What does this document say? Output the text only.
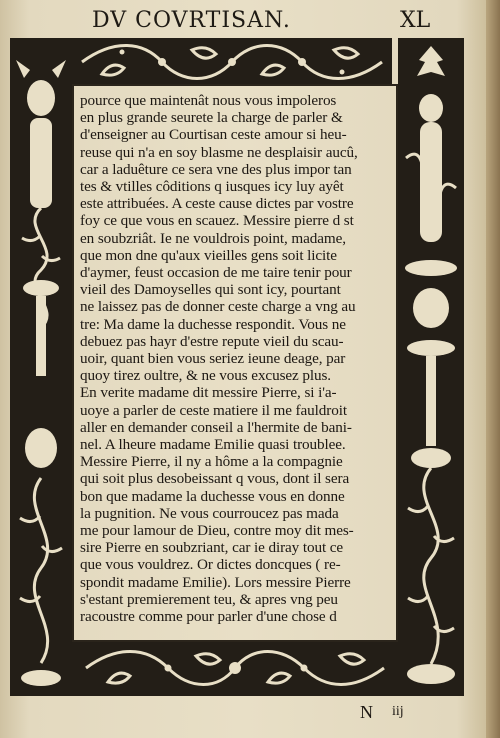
DV COVRTISAN.	XL
pource que maintenât nous vous impoleros
en plus grande seurete la charge de parler &
d'enseigner au Courtisan ceste amour si heu-
reuse qui n'a en soy blasme ne desplaisir aucû,
car a laduêture ce sera vne des plus impor tan
tes & vtilles côditions q iusques icy luy ayêt
este attribuées. A ceste cause dictes par vostre
foy ce que vous en scauez. Messire pierre d st
en soubzriât. Ie ne vouldrois point, madame,
que mon dne qu'aux vieilles gens soit licite
d'aymer, feust occasion de me taire tenir pour
vieil des Damoyselles qui sont icy, pourtant
ne laissez pas de donner ceste charge a vng au
tre: Ma dame la duchesse respondit. Vous ne
debuez pas hayr d'estre repute vieil du scau-
uoir, quant bien vous seriez ieune deage, par
quoy tirez oultre, & ne vous excusez plus.
En verite madame dit messire Pierre, si i'a-
uoye a parler de ceste matiere il me fauldroit
aller en demander conseil a l'hermite de bani-
nel. A lheure madame Emilie quasi troublee.
Messire Pierre, il ny a hôme a la compagnie
qui soit plus desobeissant q vous, dont il sera
bon que madame la duchesse vous en donne
la pugnition. Ne vous courroucez pas mada
me pour lamour de Dieu, contre moy dit mes-
sire Pierre en soubzriant, car ie diray tout ce
que vous vouldrez. Or dictes doncques ( re-
spondit madame Emilie). Lors messire Pierre
s'estant premierement teu, & apres vng peu
racoustre comme pour parler d'une chose d
N iij
